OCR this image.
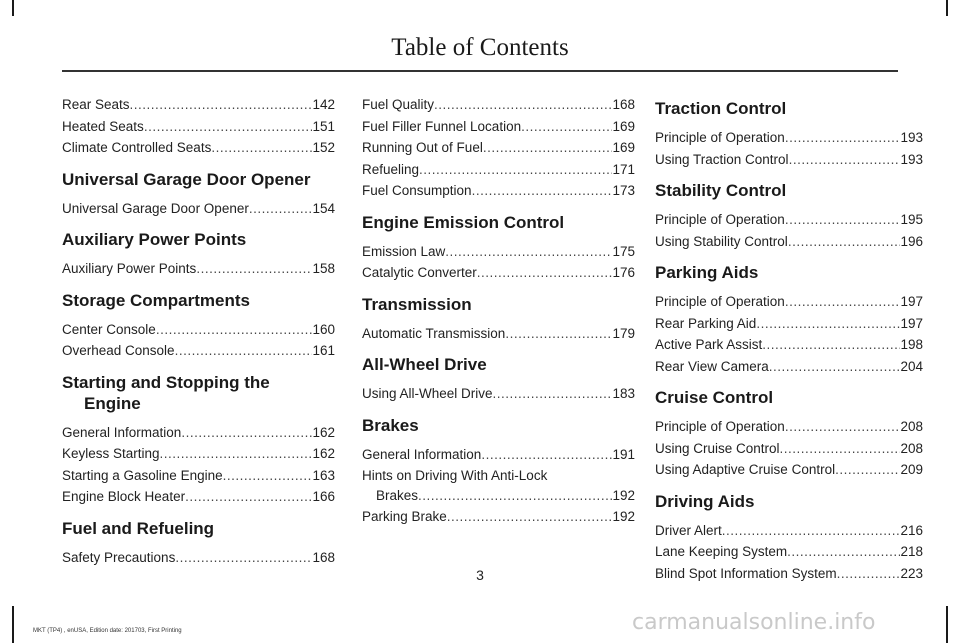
Table of Contents
Rear Seats .....	142
Heated Seats .....	151
Climate Controlled Seats .....	152
Universal Garage Door Opener
Universal Garage Door Opener .....	154
Auxiliary Power Points
Auxiliary Power Points .....	158
Storage Compartments
Center Console .....	160
Overhead Console .....	161
Starting and Stopping the
Engine
General Information .....	162
Keyless Starting .....	162
Starting a Gasoline Engine .....	163
Engine Block Heater .....	166
Fuel and Refueling
Safety Precautions .....	168
Fuel Quality .....	168
Fuel Filler Funnel Location .....	169
Running Out of Fuel .....	169
Refueling .....	171
Fuel Consumption .....	173
Engine Emission Control
Emission Law .....	175
Catalytic Converter .....	176
Transmission
Automatic Transmission .....	179
All-Wheel Drive
Using All-Wheel Drive .....	183
Brakes
General Information .....	191
Hints on Driving With Anti-Lock
Brakes .....	192
Parking Brake .....	192
Traction Control
Principle of Operation .....	193
Using Traction Control .....	193
Stability Control
Principle of Operation .....	195
Using Stability Control .....	196
Parking Aids
Principle of Operation .....	197
Rear Parking Aid .....	197
Active Park Assist .....	198
Rear View Camera .....	204
Cruise Control
Principle of Operation .....	208
Using Cruise Control .....	208
Using Adaptive Cruise Control .....	209
Driving Aids
Driver Alert .....	216
Lane Keeping System .....	218
Blind Spot Information System .....	223
3
MKT (TP4) , enUSA, Edition date: 201703, First Printing	carmanualsonline.info
